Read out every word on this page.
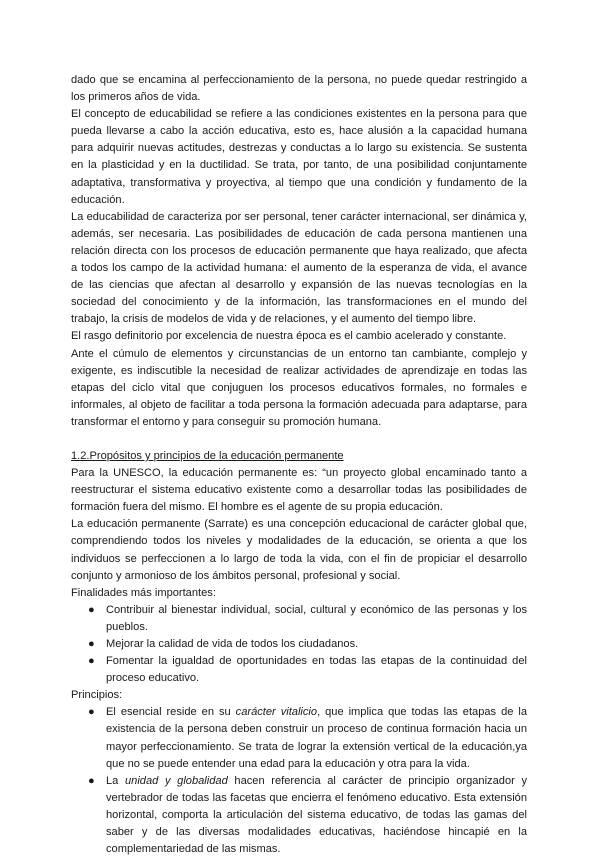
dado que se encamina al perfeccionamiento de la persona, no puede quedar restringido a los primeros años de vida.

El concepto de educabilidad se refiere a las condiciones existentes en la persona para que pueda llevarse a cabo la acción educativa, esto es, hace alusión a la capacidad humana para adquirir nuevas actitudes, destrezas y conductas a lo largo su existencia. Se sustenta en la plasticidad y en la ductilidad. Se trata, por tanto, de una posibilidad conjuntamente adaptativa, transformativa y proyectiva, al tiempo que una condición y fundamento de la educación.

La educabilidad de caracteriza por ser personal, tener carácter internacional, ser dinámica y, además, ser necesaria. Las posibilidades de educación de cada persona mantienen una relación directa con los procesos de educación permanente que haya realizado, que afecta a todos los campo de la actividad humana: el aumento de la esperanza de vida, el avance de las ciencias que afectan al desarrollo y expansión de las nuevas tecnologías en la sociedad del conocimiento y de la información, las transformaciones en el mundo del trabajo, la crisis de modelos de vida y de relaciones, y el aumento del tiempo libre.

El rasgo definitorio por excelencia de nuestra época es el cambio acelerado y constante.

Ante el cúmulo de elementos y circunstancias de un entorno tan cambiante, complejo y exigente, es indiscutible la necesidad de realizar actividades de aprendizaje en todas las etapas del ciclo vital que conjuguen los procesos educativos formales, no formales e informales, al objeto de facilitar a toda persona la formación adecuada para adaptarse, para transformar el entorno y para conseguir su promoción humana.

1.2.Propósitos y principios de la educación permanente

Para la UNESCO, la educación permanente es: “un proyecto global encaminado tanto a reestructurar el sistema educativo existente como a desarrollar todas las posibilidades de formación fuera del mismo. El hombre es el agente de su propia educación.

La educación permanente (Sarrate) es una concepción educacional de carácter global que, comprendiendo todos los niveles y modalidades de la educación, se orienta a que los individuos se perfeccionen a lo largo de toda la vida, con el fin de propiciar el desarrollo conjunto y armonioso de los ámbitos personal, profesional y social.

Finalidades más importantes:

● Contribuir al bienestar individual, social, cultural y económico de las personas y los pueblos.
● Mejorar la calidad de vida de todos los ciudadanos.
● Fomentar la igualdad de oportunidades en todas las etapas de la continuidad del proceso educativo.

Principios:

● El esencial reside en su carácter vitalicio, que implica que todas las etapas de la existencia de la persona deben construir un proceso de continua formación hacia un mayor perfeccionamiento. Se trata de lograr la extensión vertical de la educación,ya que no se puede entender una edad para la educación y otra para la vida.
● La unidad y globalidad hacen referencia al carácter de principio organizador y vertebrador de todas las facetas que encierra el fenómeno educativo. Esta extensión horizontal, comporta la articulación del sistema educativo, de todas las gamas del saber y de las diversas modalidades educativas, haciéndose hincapié en la complementariedad de las mismas.
